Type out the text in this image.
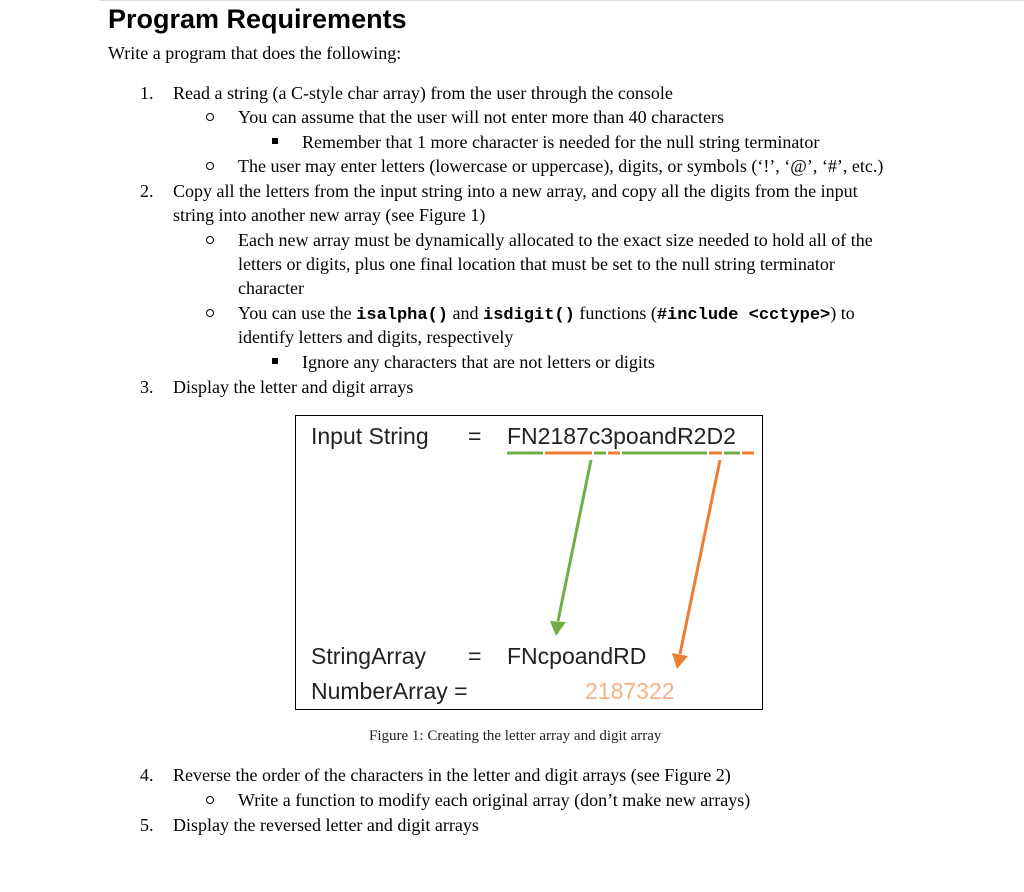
Program Requirements
Write a program that does the following:
1. Read a string (a C-style char array) from the user through the console
You can assume that the user will not enter more than 40 characters
Remember that 1 more character is needed for the null string terminator
The user may enter letters (lowercase or uppercase), digits, or symbols (‘!’, ‘@’, ‘#’, etc.)
2. Copy all the letters from the input string into a new array, and copy all the digits from the input
string into another new array (see Figure 1)
Each new array must be dynamically allocated to the exact size needed to hold all of the
letters or digits, plus one final location that must be set to the null string terminator
character
You can use the isalpha() and isdigit() functions (#include <cctype>) to
identify letters and digits, respectively
Ignore any characters that are not letters or digits
3. Display the letter and digit arrays
Input String = FN2187c3poandR2D2
StringArray = FNcpoandRD
NumberArray =	2187322
Figure 1: Creating the letter array and digit array
4. Reverse the order of the characters in the letter and digit arrays (see Figure 2)
Write a function to modify each original array (don’t make new arrays)
5. Display the reversed letter and digit arrays
